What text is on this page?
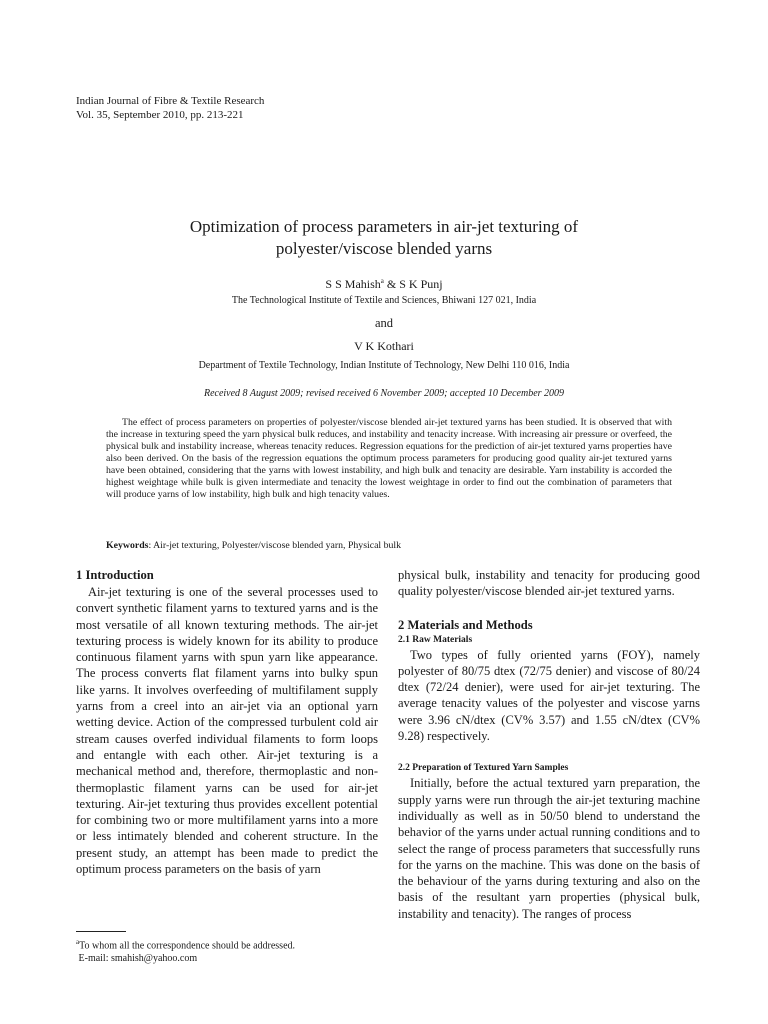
Indian Journal of Fibre & Textile Research
Vol. 35, September 2010, pp. 213-221
Optimization of process parameters in air-jet texturing of
polyester/viscose blended yarns
S S Mahish$^a$ & S K Punj
The Technological Institute of Textile and Sciences, Bhiwani 127 021, India
and
V K Kothari
Department of Textile Technology, Indian Institute of Technology, New Delhi 110 016, India
Received 8 August 2009; revised received 6 November 2009; accepted 10 December 2009
The effect of process parameters on properties of polyester/viscose blended air-jet textured yarns has been studied. It is observed that with the increase in texturing speed the yarn physical bulk reduces, and instability and tenacity increase. With increasing air pressure or overfeed, the physical bulk and instability increase, whereas tenacity reduces. Regression equations for the prediction of air-jet textured yarns properties have also been derived. On the basis of the regression equations the optimum process parameters for producing good quality air-jet textured yarns have been obtained, considering that the yarns with lowest instability, and high bulk and tenacity are desirable. Yarn instability is accorded the highest weightage while bulk is given intermediate and tenacity the lowest weightage in order to find out the combination of parameters that will produce yarns of low instability, high bulk and high tenacity values.
Keywords: Air-jet texturing, Polyester/viscose blended yarn, Physical bulk
1 Introduction

Air-jet texturing is one of the several processes used to convert synthetic filament yarns to textured yarns and is the most versatile of all known texturing methods. The air-jet texturing process is widely known for its ability to produce continuous filament yarns with spun yarn like appearance. The process converts flat filament yarns into bulky spun like yarns. It involves overfeeding of multifilament supply yarns from a creel into an air-jet via an optional yarn wetting device. Action of the compressed turbulent cold air stream causes overfed individual filaments to form loops and entangle with each other. Air-jet texturing is a mechanical method and, therefore, thermoplastic and non-thermoplastic filament yarns can be used for air-jet texturing. Air-jet texturing thus provides excellent potential for combining two or more multifilament yarns into a more or less intimately blended and coherent structure. In the present study, an attempt has been made to predict the optimum process parameters on the basis of yarn

physical bulk, instability and tenacity for producing good quality polyester/viscose blended air-jet textured yarns.

2 Materials and Methods
2.1 Raw Materials

Two types of fully oriented yarns (FOY), namely polyester of 80/75 dtex (72/75 denier) and viscose of 80/24 dtex (72/24 denier), were used for air-jet texturing. The average tenacity values of the polyester and viscose yarns were 3.96 cN/dtex (CV% 3.57) and 1.55 cN/dtex (CV% 9.28) respectively.

2.2 Preparation of Textured Yarn Samples

Initially, before the actual textured yarn preparation, the supply yarns were run through the air-jet texturing machine individually as well as in 50/50 blend to understand the behavior of the yarns under actual running conditions and to select the range of process parameters that successfully runs for the yarns on the machine. This was done on the basis of the behaviour of the yarns during texturing and also on the basis of the resultant yarn properties (physical bulk, instability and tenacity). The ranges of process

$^a$To whom all the correspondence should be addressed.
E-mail: smahish@yahoo.com
